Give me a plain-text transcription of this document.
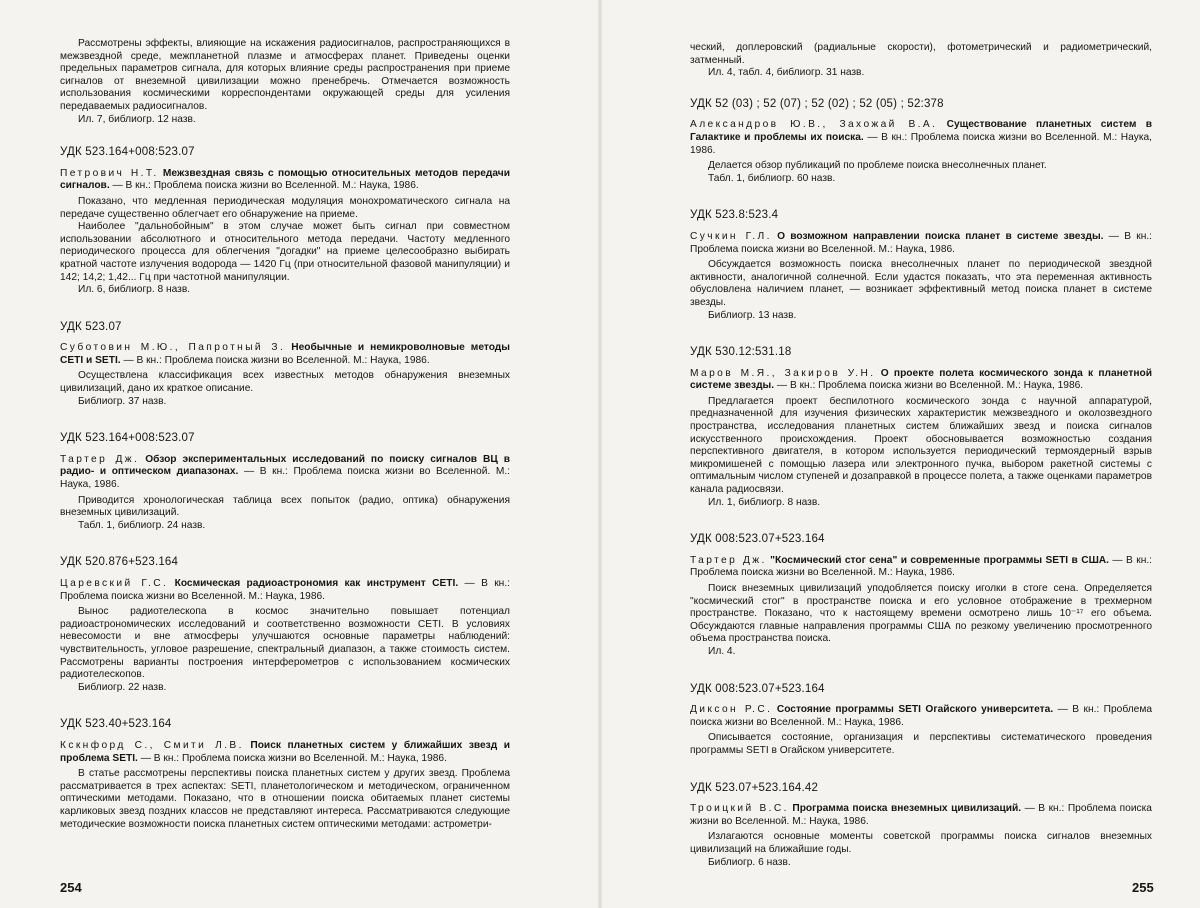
Рассмотрены эффекты, влияющие на искажения радиосигналов, распространяющихся в межзвездной среде, межпланетной плазме и атмосферах планет. Приведены оценки предельных параметров сигнала, для которых влияние среды распространения при приеме сигналов от внеземной цивилизации можно пренебречь. Отмечается возможность использования космическими корреспондентами окружающей среды для усиления передаваемых радиосигналов.

Ил. 7, библиогр. 12 назв.

УДК 523.164+008:523.07

Петрович Н.Т. Межзвездная связь с помощью относительных методов передачи сигналов. — В кн.: Проблема поиска жизни во Вселенной. М.: Наука, 1986.

Показано, что медленная периодическая модуляция монохроматического сигнала на передаче существенно облегчает его обнаружение на приеме.

Наиболее "дальнобойным" в этом случае может быть сигнал при совместном использовании абсолютного и относительного метода передачи. Частоту медленного периодического процесса для облегчения "догадки" на приеме целесообразно выбирать кратной частоте излучения водорода — 1420 Гц (при относительной фазовой манипуляции) и 142; 14,2; 1,42... Гц при частотной манипуляции.

Ил. 6, библиогр. 8 назв.

УДК 523.07

Суботовин М.Ю., Папротный З. Необычные и немикроволновые методы CETI и SETI. — В кн.: Проблема поиска жизни во Вселенной. М.: Наука, 1986.

Осуществлена классификация всех известных методов обнаружения внеземных цивилизаций, дано их краткое описание.

Библиогр. 37 назв.

УДК 523.164+008:523.07

Тартер Дж. Обзор экспериментальных исследований по поиску сигналов ВЦ в радио- и оптическом диапазонах. — В кн.: Проблема поиска жизни во Вселенной. М.: Наука, 1986.

Приводится хронологическая таблица всех попыток (радио, оптика) обнаружения внеземных цивилизаций.

Табл. 1, библиогр. 24 назв.

УДК 520.876+523.164

Царевский Г.С. Космическая радиоастрономия как инструмент CETI. — В кн.: Проблема поиска жизни во Вселенной. М.: Наука, 1986.

Вынос радиотелескопа в космос значительно повышает потенциал радиоастрономических исследований и соответственно возможности CETI. В условиях невесомости и вне атмосферы улучшаются основные параметры наблюдений: чувствительность, угловое разрешение, спектральный диапазон, а также стоимость систем. Рассмотрены варианты построения интерферометров с использованием космических радиотелескопов.

Библиогр. 22 назв.

УДК 523.40+523.164

Кскнфорд С., Смити Л.В. Поиск планетных систем у ближайших звезд и проблема SETI. — В кн.: Проблема поиска жизни во Вселенной. М.: Наука, 1986.

В статье рассмотрены перспективы поиска планетных систем у других звезд. Проблема рассматривается в трех аспектах: SETI, планетологическом и методическом, ограниченном оптическими методами. Показано, что в отношении поиска обитаемых планет системы карликовых звезд поздних классов не представляют интереса. Рассматриваются следующие методические возможности поиска планетных систем оптическими методами: астрометри-

ческий, доплеровский (радиальные скорости), фотометрический и радиометрический, затменный.

Ил. 4, табл. 4, библиогр. 31 назв.

УДК 52 (03) ; 52 (07) ; 52 (02) ; 52 (05) ; 52:378

Александров Ю.В., Захожай В.А. Существование планетных систем в Галактике и проблемы их поиска. — В кн.: Проблема поиска жизни во Вселенной. М.: Наука, 1986.

Делается обзор публикаций по проблеме поиска внесолнечных планет.

Табл. 1, библиогр. 60 назв.

УДК 523.8:523.4

Сучкин Г.Л. О возможном направлении поиска планет в системе звезды. — В кн.: Проблема поиска жизни во Вселенной. М.: Наука, 1986.

Обсуждается возможность поиска внесолнечных планет по периодической звездной активности, аналогичной солнечной. Если удастся показать, что эта переменная активность обусловлена наличием планет, — возникает эффективный метод поиска планет в системе звезды.

Библиогр. 13 назв.

УДК 530.12:531.18

Маров М.Я., Закиров У.Н. О проекте полета космического зонда к планетной системе звезды. — В кн.: Проблема поиска жизни во Вселенной. М.: Наука, 1986.

Предлагается проект беспилотного космического зонда с научной аппаратурой, предназначенной для изучения физических характеристик межзвездного и околозвездного пространства, исследования планетных систем ближайших звезд и поиска сигналов искусственного происхождения. Проект обосновывается возможностью создания перспективного двигателя, в котором используется периодический термоядерный взрыв микромишеней с помощью лазера или электронного пучка, выбором ракетной системы с оптимальным числом ступеней и дозаправкой в процессе полета, а также оценками параметров канала радиосвязи.

Ил. 1, библиогр. 8 назв.

УДК 008:523.07+523.164

Тартер Дж. "Космический стог сена" и современные программы SETI в США. — В кн.: Проблема поиска жизни во Вселенной. М.: Наука, 1986.

Поиск внеземных цивилизаций уподобляется поиску иголки в стоге сена. Определяется "космический стог" в пространстве поиска и его условное отображение в трехмерном пространстве. Показано, что к настоящему времени осмотрено лишь 10⁻¹⁷ его объема. Обсуждаются главные направления программы США по резкому увеличению просмотренного объема пространства поиска.

Ил. 4.

УДК 008:523.07+523.164

Диксон Р.С. Состояние программы SETI Огайского университета. — В кн.: Проблема поиска жизни во Вселенной. М.: Наука, 1986.

Описывается состояние, организация и перспективы систематического проведения программы SETI в Огайском университете.

УДК 523.07+523.164.42

Троицкий В.С. Программа поиска внеземных цивилизаций. — В кн.: Проблема поиска жизни во Вселенной. М.: Наука, 1986.

Излагаются основные моменты советской программы поиска сигналов внеземных цивилизаций на ближайшие годы.

Библиогр. 6 назв.

254	255
